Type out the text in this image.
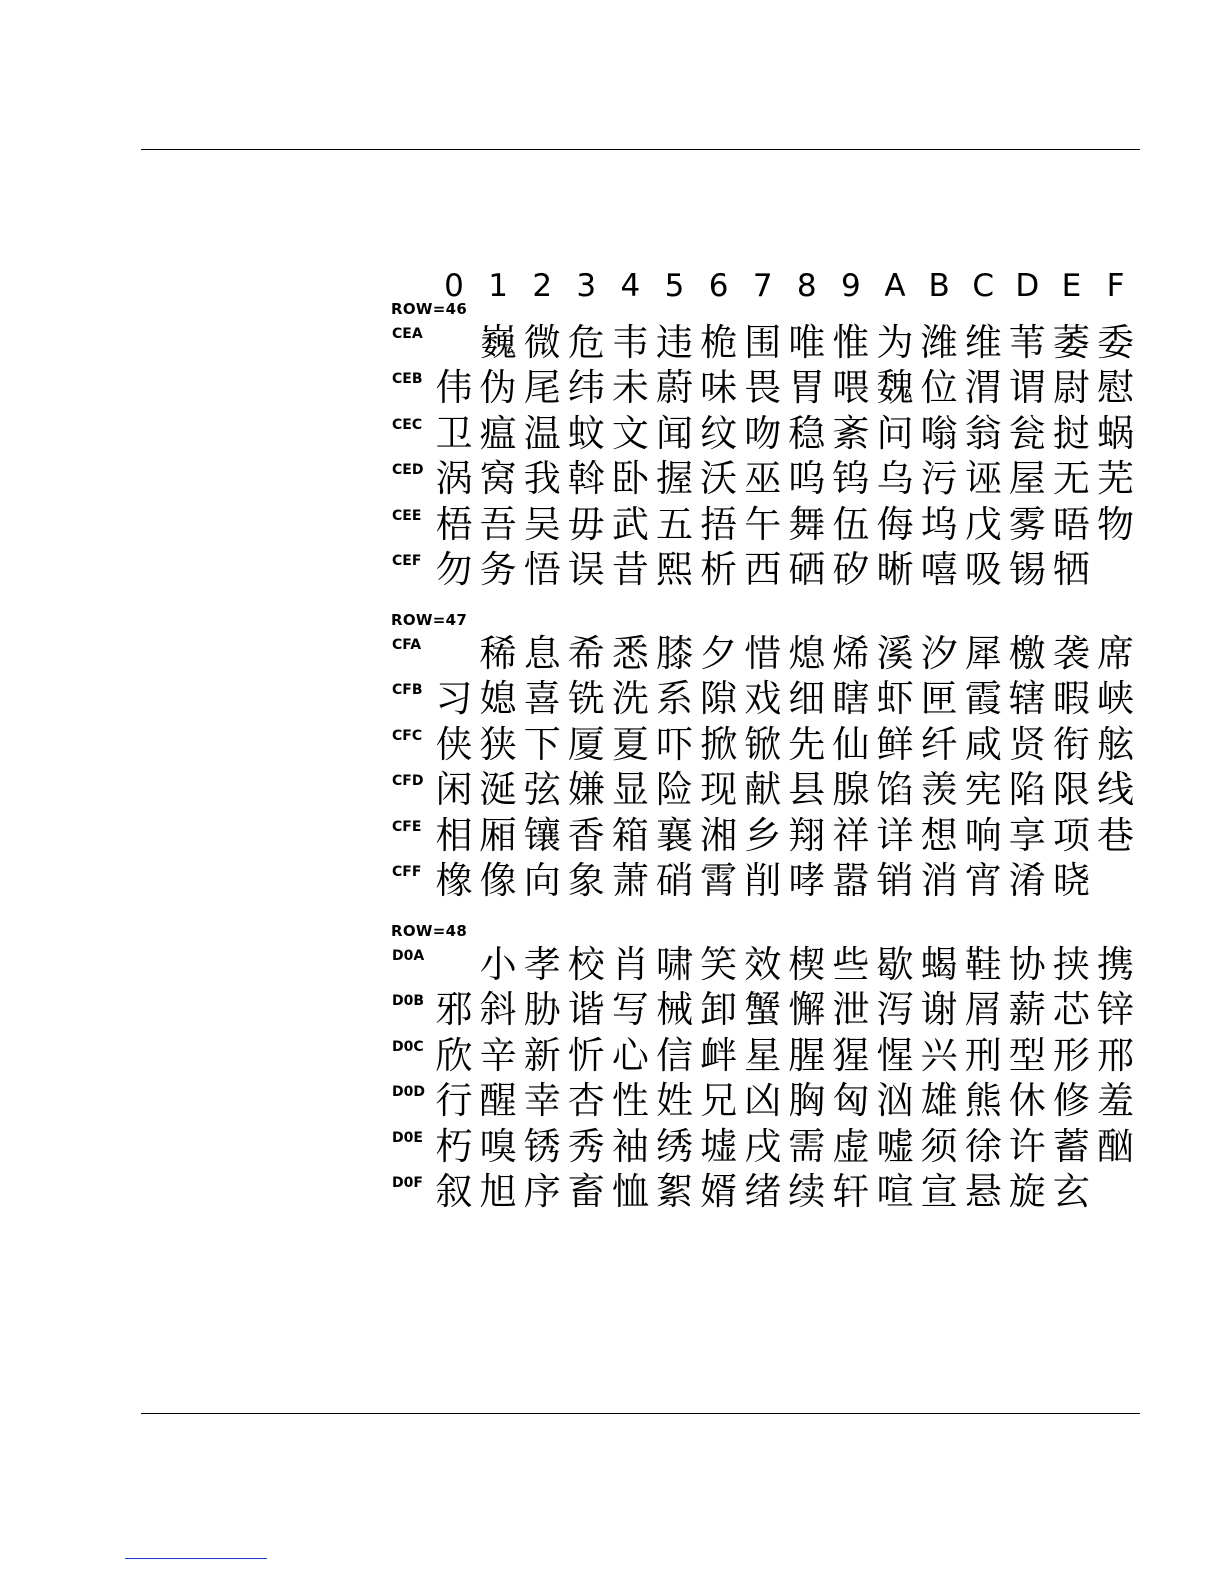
0 1 2 3 4 5 6 7 8 9 A B C D E F
ROW=46
CEA 巍 微 危 韦 违 桅 围 唯 惟 为 潍 维 苇 萎 委
CEB 伟 伪 尾 纬 未 蔚 味 畏 胃 喂 魏 位 渭 谓 尉 慰
CEC 卫 瘟 温 蚊 文 闻 纹 吻 稳 紊 问 嗡 翁 瓮 挝 蜗
CED 涡 窝 我 斡 卧 握 沃 巫 呜 钨 乌 污 诬 屋 无 芜
CEE 梧 吾 吴 毋 武 五 捂 午 舞 伍 侮 坞 戊 雾 晤 物
CEF 勿 务 悟 误 昔 熙 析 西 硒 矽 晰 嘻 吸 锡 牺
ROW=47
CFA 稀 息 希 悉 膝 夕 惜 熄 烯 溪 汐 犀 檄 袭 席
CFB 习 媳 喜 铣 洗 系 隙 戏 细 瞎 虾 匣 霞 辖 暇 峡
CFC 侠 狭 下 厦 夏 吓 掀 锨 先 仙 鲜 纤 咸 贤 衔 舷
CFD 闲 涎 弦 嫌 显 险 现 献 县 腺 馅 羡 宪 陷 限 线
CFE 相 厢 镶 香 箱 襄 湘 乡 翔 祥 详 想 响 享 项 巷
CFF 橡 像 向 象 萧 硝 霄 削 哮 嚣 销 消 宵 淆 晓
ROW=48
D0A 小 孝 校 肖 啸 笑 效 楔 些 歇 蝎 鞋 协 挟 携
D0B 邪 斜 胁 谐 写 械 卸 蟹 懈 泄 泻 谢 屑 薪 芯 锌
D0C 欣 辛 新 忻 心 信 衅 星 腥 猩 惺 兴 刑 型 形 邢
D0D 行 醒 幸 杏 性 姓 兄 凶 胸 匈 汹 雄 熊 休 修 羞
D0E 朽 嗅 锈 秀 袖 绣 墟 戌 需 虚 嘘 须 徐 许 蓄 酗
D0F 叙 旭 序 畜 恤 絮 婿 绪 续 轩 喧 宣 悬 旋 玄
